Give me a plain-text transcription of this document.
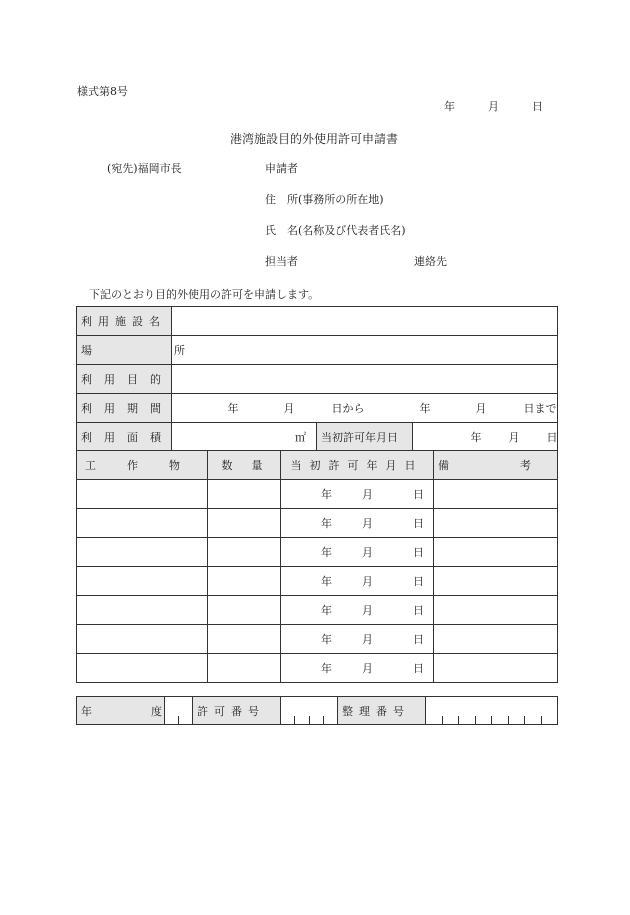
様式第8号
年	月	日
港湾施設目的外使用許可申請書
(宛先)福岡市長	申請者
住　所(事務所の所在地)
氏　名(名称及び代表者氏名)
担当者	連絡先
下記のとおり目的外使用の許可を申請します。
利用施設名			

場　　所			

利用目的			
利用期間	年 月 日から 年 月 日まで		
利用面積	㎡	当初許可年月日	年 月 日
工　　作　　物	数　量	当初許可年月日	備　考
		年 月 日	
		年 月 日	
		年 月 日	
		年 月 日	
		年 月 日	
		年 月 日	
		年 月 日	
年　度		許可番号		整理番号	
